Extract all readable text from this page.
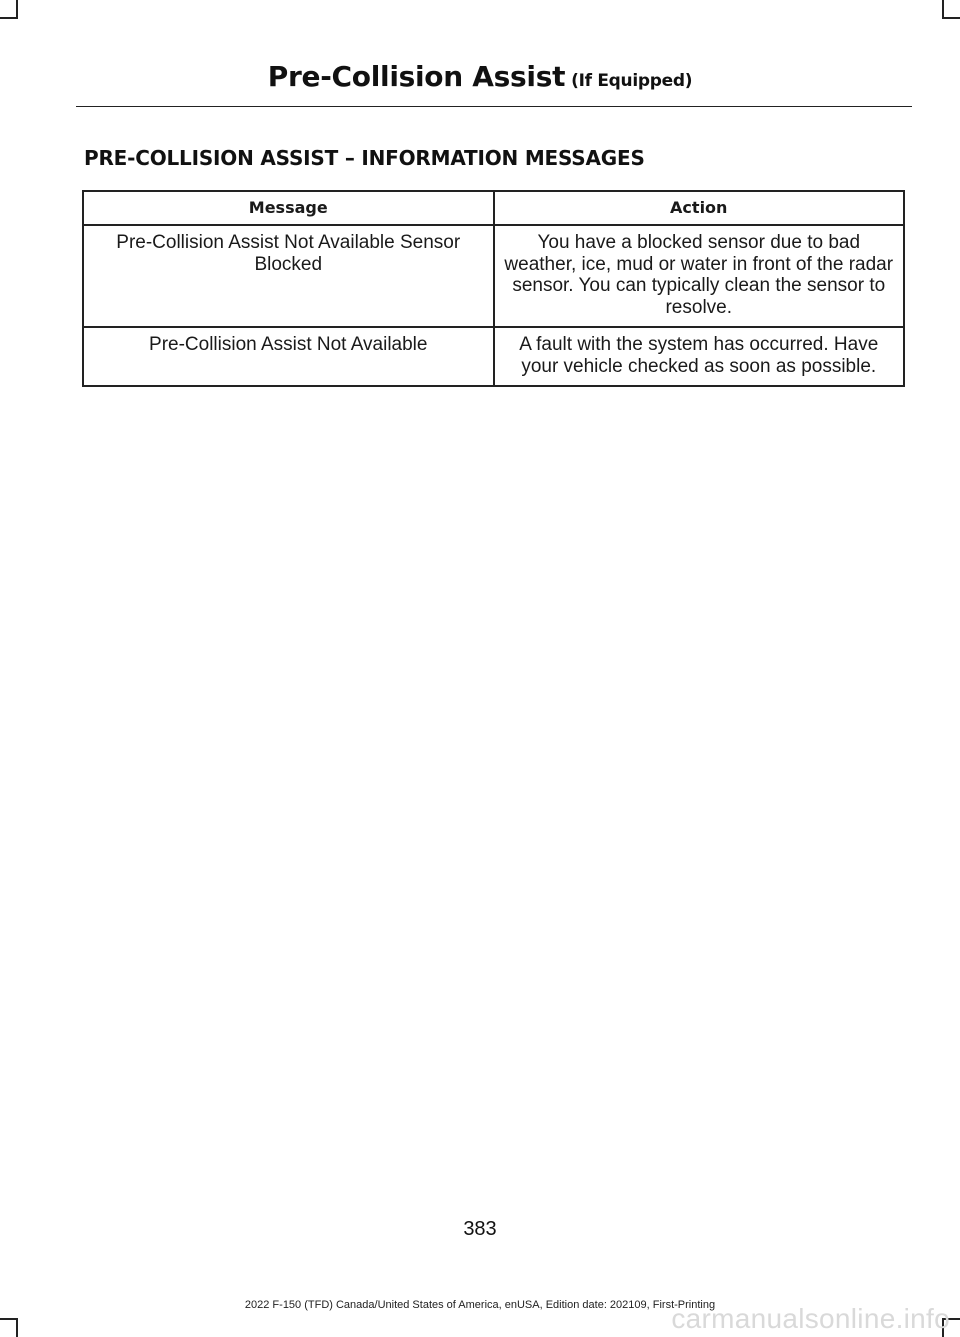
Pre-Collision Assist (If Equipped)
PRE-COLLISION ASSIST – INFORMATION MESSAGES
Message	Action
Pre-Collision Assist Not Available Sensor Blocked	You have a blocked sensor due to bad weather, ice, mud or water in front of the radar sensor. You can typically clean the sensor to resolve.
Pre-Collision Assist Not Available	A fault with the system has occurred. Have your vehicle checked as soon as possible.
383
2022 F-150 (TFD) Canada/United States of America, enUSA, Edition date: 202109, First-Printing
carmanualsonline.info
